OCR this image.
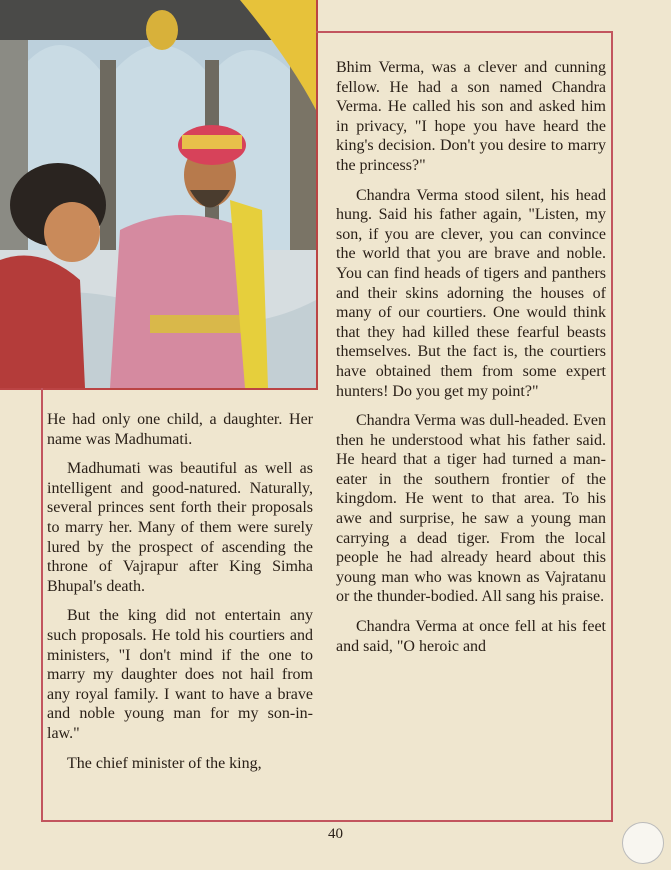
He had only one child, a daughter. Her name was Madhumati.

Madhumati was beautiful as well as intelligent and good-natured. Naturally, several princes sent forth their proposals to marry her. Many of them were surely lured by the prospect of ascending the throne of Vajrapur after King Simha Bhupal's death.

But the king did not entertain any such proposals. He told his courtiers and ministers, "I don't mind if the one to marry my daughter does not hail from any royal family. I want to have a brave and noble young man for my son-in-law."

The chief minister of the king,

Bhim Verma, was a clever and cunning fellow. He had a son named Chandra Verma. He called his son and asked him in privacy, "I hope you have heard the king's decision. Don't you desire to marry the princess?"

Chandra Verma stood silent, his head hung. Said his father again, "Listen, my son, if you are clever, you can convince the world that you are brave and noble. You can find heads of tigers and panthers and their skins adorning the houses of many of our courtiers. One would think that they had killed these fearful beasts themselves. But the fact is, the courtiers have obtained them from some expert hunters! Do you get my point?"

Chandra Verma was dull-headed. Even then he understood what his father said. He heard that a tiger had turned a man-eater in the southern frontier of the kingdom. He went to that area. To his awe and surprise, he saw a young man carrying a dead tiger. From the local people he had already heard about this young man who was known as Vajratanu or the thunder-bodied. All sang his praise.

Chandra Verma at once fell at his feet and said, "O heroic and

40
